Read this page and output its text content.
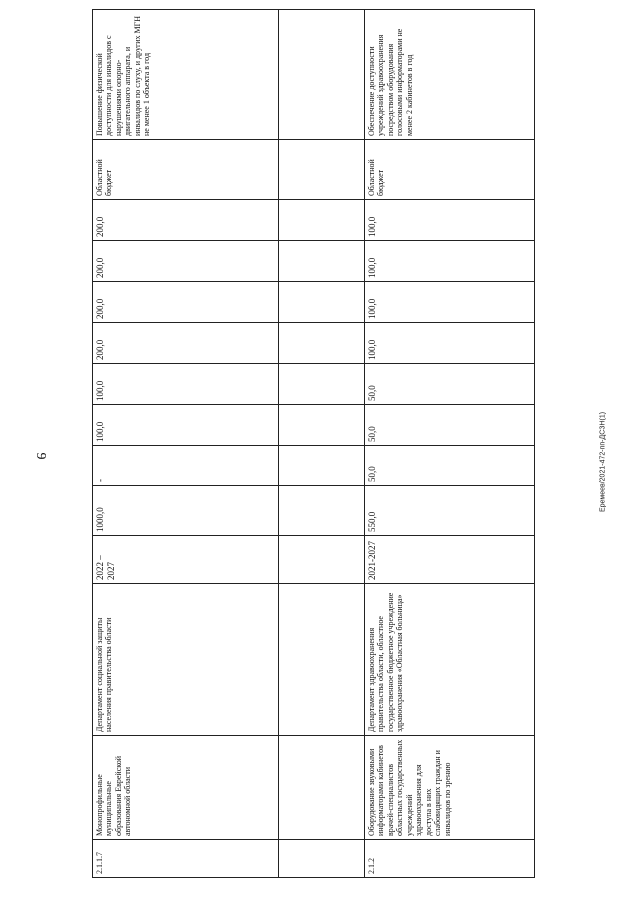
9	Еремеев/2021-472-пп-ДСЗН(1)
2.1.1.7	Монопрофильные муниципальные образования Еврейской автономной области	Департамент социальной защиты населения правительства области	2022 – 2027	1000,0	-	100,0	100,0	200,0	200,0	200,0	200,0	Областной бюджет	Повышение физической доступности для инвалидов с нарушениями опорно-двигательного аппарата, и инвалидов по слуху, и других МГН не менее 1 объекта в год

2.1.2	Оборудование звуковыми информаторами кабинетов врачей-специалистов областных государственных учреждений здравоохранения для доступа в них слабовидящих граждан и инвалидов по зрению	Департамент здравоохранения правительства области, областное государственное бюджетное учреждение здравоохранения «Областная больница»	2021-2027	550,0	50,0	50,0	50,0	100,0	100,0	100,0	100,0	Областной бюджет	Обеспечение доступности учреждений здравоохранения посредством оборудования голосовыми информаторами не менее 2 кабинетов в год
